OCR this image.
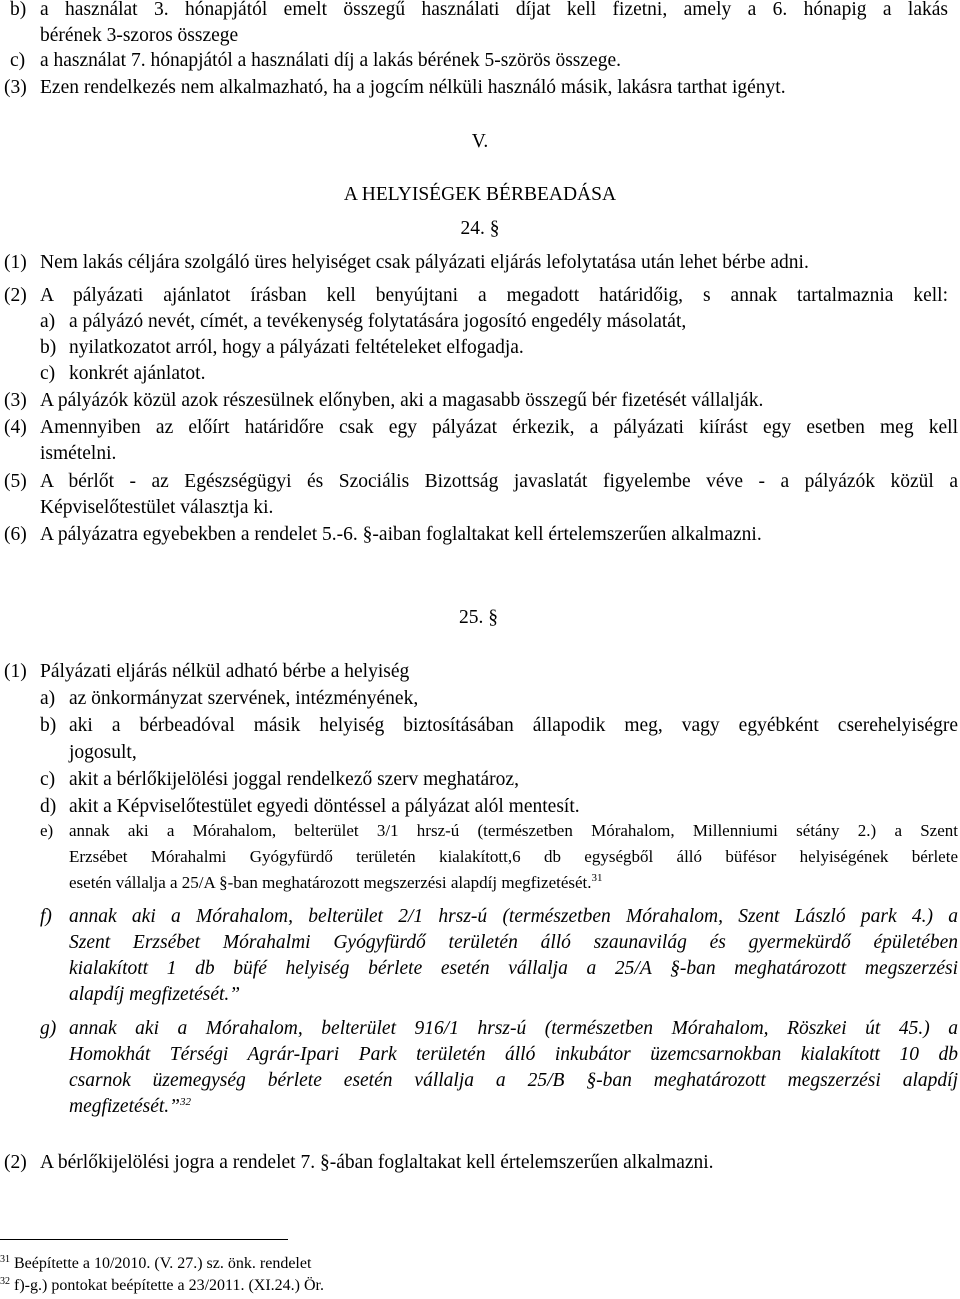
b) a használat 3. hónapjától emelt összegű használati díjat kell fizetni, amely a 6. hónapig a lakás
bérének 3-szoros összege
c) a használat 7. hónapjától a használati díj a lakás bérének 5-szörös összege.
(3) Ezen rendelkezés nem alkalmazható, ha a jogcím nélküli használó másik, lakásra tarthat igényt.
V.
A HELYISÉGEK BÉRBEADÁSA
24. §
(1) Nem lakás céljára szolgáló üres helyiséget csak pályázati eljárás lefolytatása után lehet bérbe adni.
(2) A pályázati ajánlatot írásban kell benyújtani a megadott határidőig, s annak tartalmaznia kell:
a) a pályázó nevét, címét, a tevékenység folytatására jogosító engedély másolatát,
b) nyilatkozatot arról, hogy a pályázati feltételeket elfogadja.
c) konkrét ajánlatot.
(3) A pályázók közül azok részesülnek előnyben, aki a magasabb összegű bér fizetését vállalják.
(4) Amennyiben az előírt határidőre csak egy pályázat érkezik, a pályázati kiírást egy esetben meg kell
ismételni.
(5) A bérlőt - az Egészségügyi és Szociális Bizottság javaslatát figyelembe véve - a pályázók közül a
Képviselőtestület választja ki.
(6) A pályázatra egyebekben a rendelet 5.-6. §-aiban foglaltakat kell értelemszerűen alkalmazni.
25. §
(1) Pályázati eljárás nélkül adható bérbe a helyiség
a) az önkormányzat szervének, intézményének,
b) aki a bérbeadóval másik helyiség biztosításában állapodik meg, vagy egyébként cserehelyiségre
jogosult,
c) akit a bérlőkijelölési joggal rendelkező szerv meghatároz,
d) akit a Képviselőtestület egyedi döntéssel a pályázat alól mentesít.
e) annak aki a Mórahalom, belterület 3/1 hrsz-ú (természetben Mórahalom, Millenniumi sétány 2.) a Szent
Erzsébet Mórahalmi Gyógyfürdő területén kialakított,6 db egységből álló büfésor helyiségének bérlete
esetén vállalja a 25/A §-ban meghatározott megszerzési alapdíj megfizetését.$^{31}$
f) annak aki a Mórahalom, belterület 2/1 hrsz-ú (természetben Mórahalom, Szent László park 4.) a
Szent Erzsébet Mórahalmi Gyógyfürdő területén álló szaunavilág és gyermekürdő épületében
kialakított 1 db büfé helyiség bérlete esetén vállalja a 25/A §-ban meghatározott megszerzési
alapdíj megfizetését.”
g) annak aki a Mórahalom, belterület 916/1 hrsz-ú (természetben Mórahalom, Röszkei út 45.) a
Homokhát Térségi Agrár-Ipari Park területén álló inkubátor üzemcsarnokban kialakított 10 db
csarnok üzemegység bérlete esetén vállalja a 25/B §-ban meghatározott megszerzési alapdíj
megfizetését.”$^{32}$
(2) A bérlőkijelölési jogra a rendelet 7. §-ában foglaltakat kell értelemszerűen alkalmazni.
$^{31}$ Beépítette a 10/2010. (V. 27.) sz. önk. rendelet
$^{32}$ f)-g.) pontokat beépítette a 23/2011. (XI.24.) Ör.
